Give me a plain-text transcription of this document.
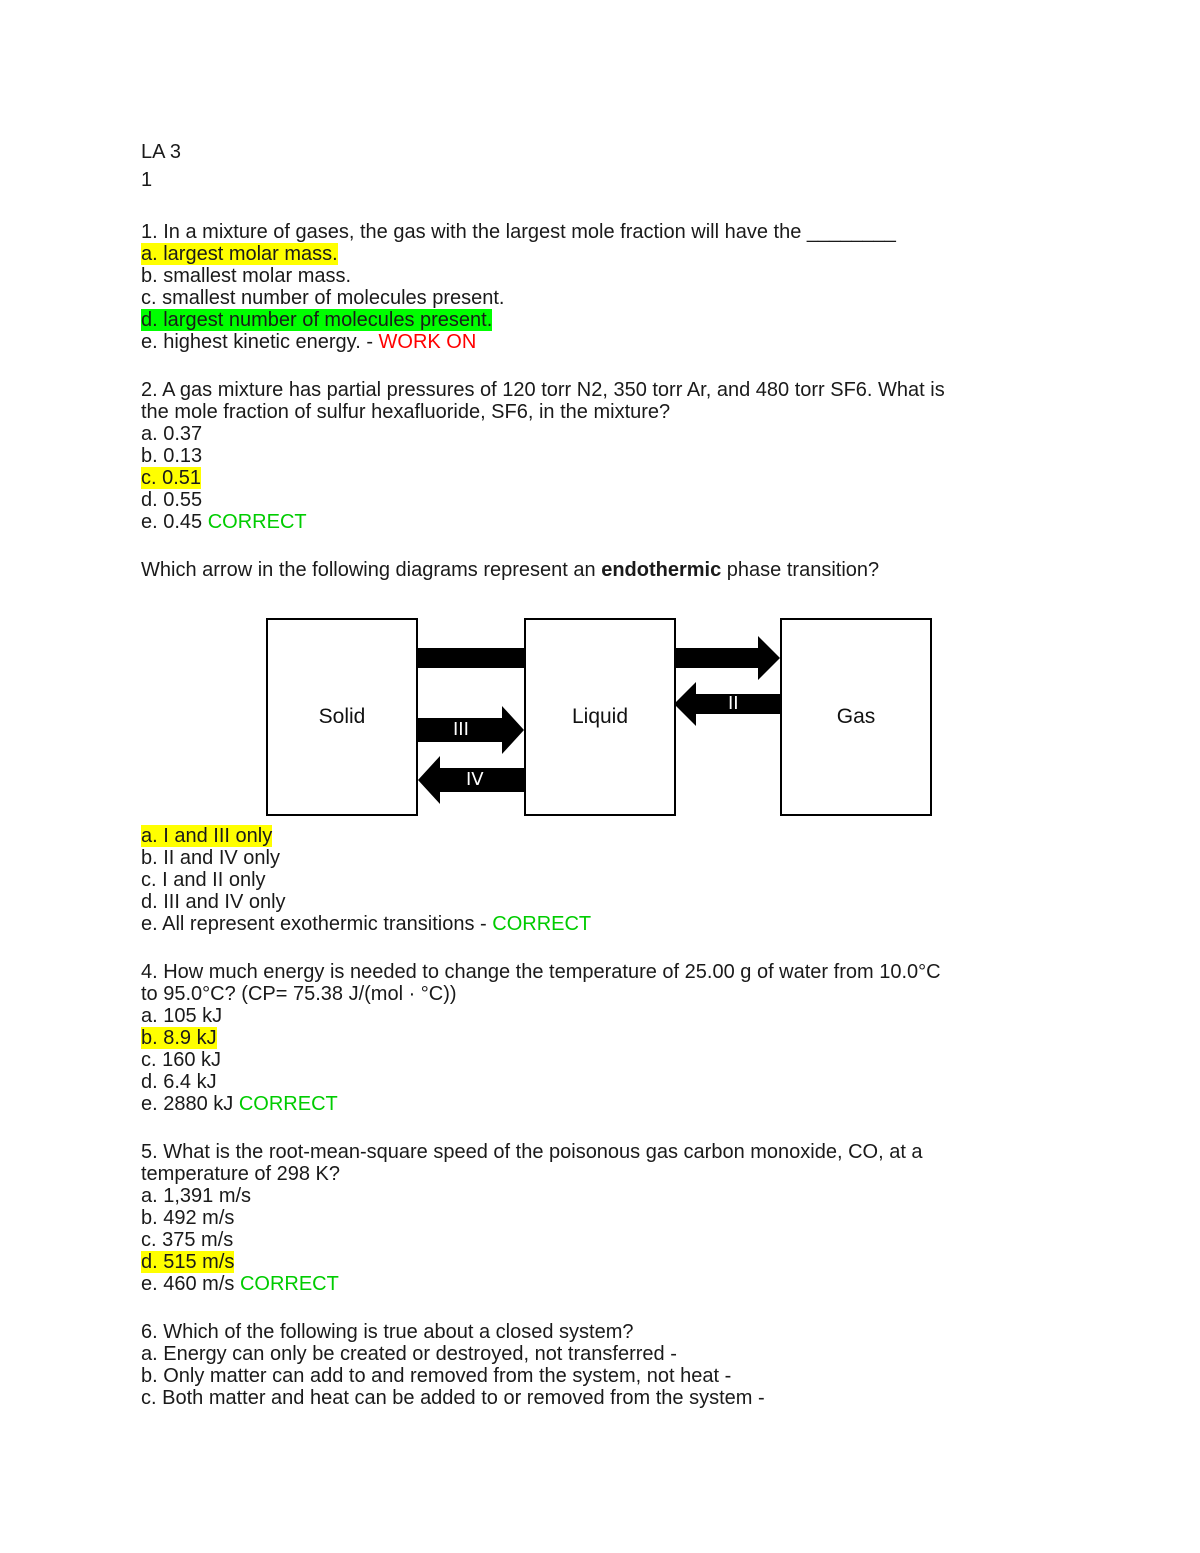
LA 3
1
1. In a mixture of gases, the gas with the largest mole fraction will have the ________
a. largest molar mass.
b. smallest molar mass.
c. smallest number of molecules present.
d. largest number of molecules present.
e. highest kinetic energy. - WORK ON
2. A gas mixture has partial pressures of 120 torr N2, 350 torr Ar, and 480 torr SF6. What is
the mole fraction of sulfur hexafluoride, SF6, in the mixture?
a. 0.37
b. 0.13
c. 0.51
d. 0.55
e. 0.45 CORRECT
Which arrow in the following diagrams represent an endothermic phase transition?
a. I and III only
b. II and IV only
c. I and II only
d. III and IV only
e. All represent exothermic transitions - CORRECT
4. How much energy is needed to change the temperature of 25.00 g of water from 10.0°C
to 95.0°C? (CP= 75.38 J/(mol · °C))
a. 105 kJ
b. 8.9 kJ
c. 160 kJ
d. 6.4 kJ
e. 2880 kJ CORRECT
5. What is the root-mean-square speed of the poisonous gas carbon monoxide, CO, at a
temperature of 298 K?
a. 1,391 m/s
b. 492 m/s
c. 375 m/s
d. 515 m/s
e. 460 m/s CORRECT
6. Which of the following is true about a closed system?
a. Energy can only be created or destroyed, not transferred -
b. Only matter can add to and removed from the system, not heat -
c. Both matter and heat can be added to or removed from the system -
Solid	Liquid	Gas
I
II
III
IV
